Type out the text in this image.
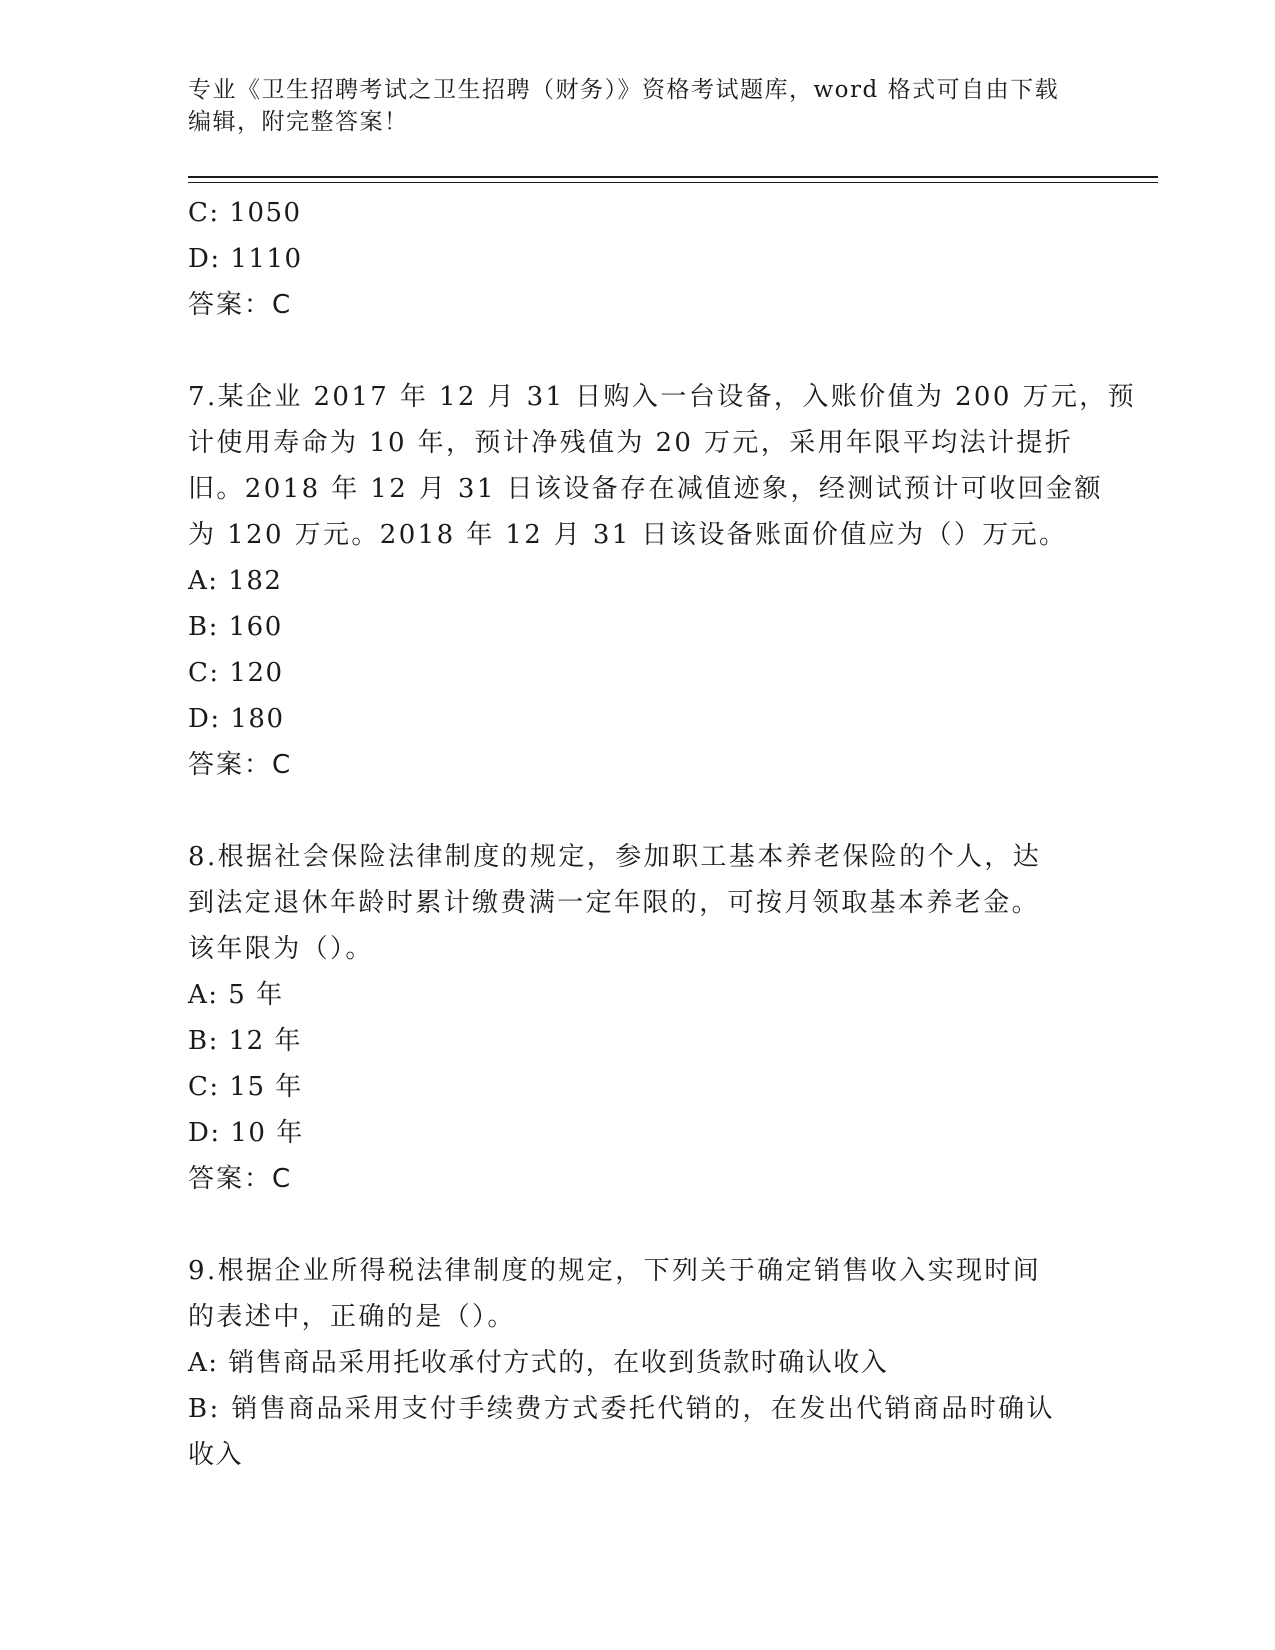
专业《卫生招聘考试之卫生招聘（财务）》资格考试题库，word 格式可自由下载
编辑，附完整答案！
C: 1050
D: 1110
答案：C
7.某企业 2017 年 12 月 31 日购入一台设备，入账价值为 200 万元，预
计使用寿命为 10 年，预计净残值为 20 万元，采用年限平均法计提折
旧。2018 年 12 月 31 日该设备存在减值迹象，经测试预计可收回金额
为 120 万元。2018 年 12 月 31 日该设备账面价值应为（）万元。
A: 182
B: 160
C: 120
D: 180
答案：C
8.根据社会保险法律制度的规定，参加职工基本养老保险的个人，达
到法定退休年龄时累计缴费满一定年限的，可按月领取基本养老金。
该年限为（）。
A: 5 年
B: 12 年
C: 15 年
D: 10 年
答案：C
9.根据企业所得税法律制度的规定，下列关于确定销售收入实现时间
的表述中，正确的是（）。
A: 销售商品采用托收承付方式的，在收到货款时确认收入
B: 销售商品采用支付手续费方式委托代销的，在发出代销商品时确认
收入
